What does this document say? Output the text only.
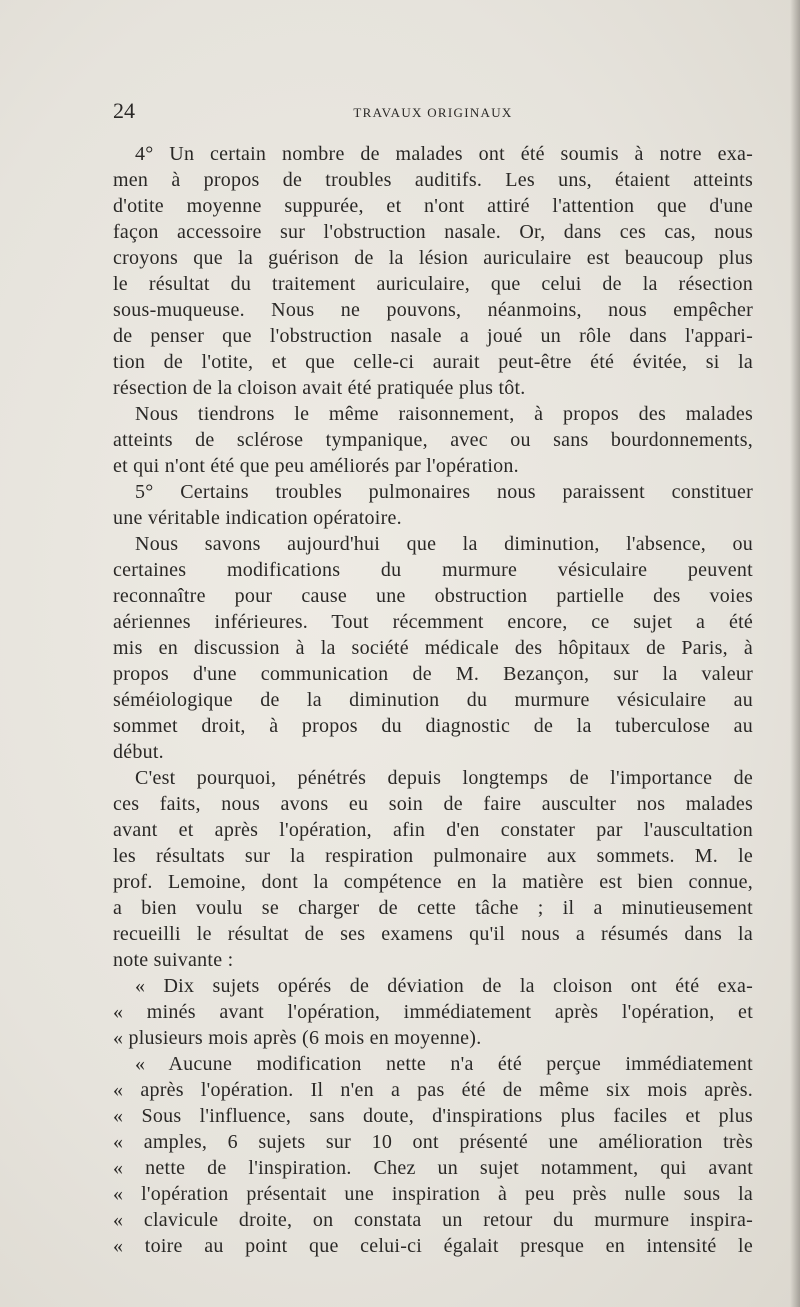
24	TRAVAUX ORIGINAUX
4° Un certain nombre de malades ont été soumis à notre exa-
men à propos de troubles auditifs. Les uns, étaient atteints
d'otite moyenne suppurée, et n'ont attiré l'attention que d'une
façon accessoire sur l'obstruction nasale. Or, dans ces cas, nous
croyons que la guérison de la lésion auriculaire est beaucoup plus
le résultat du traitement auriculaire, que celui de la résection
sous-muqueuse. Nous ne pouvons, néanmoins, nous empêcher
de penser que l'obstruction nasale a joué un rôle dans l'appari-
tion de l'otite, et que celle-ci aurait peut-être été évitée, si la
résection de la cloison avait été pratiquée plus tôt.
Nous tiendrons le même raisonnement, à propos des malades
atteints de sclérose tympanique, avec ou sans bourdonnements,
et qui n'ont été que peu améliorés par l'opération.
5° Certains troubles pulmonaires nous paraissent constituer
une véritable indication opératoire.
Nous savons aujourd'hui que la diminution, l'absence, ou
certaines modifications du murmure vésiculaire peuvent
reconnaître pour cause une obstruction partielle des voies
aériennes inférieures. Tout récemment encore, ce sujet a été
mis en discussion à la société médicale des hôpitaux de Paris, à
propos d'une communication de M. Bezançon, sur la valeur
séméiologique de la diminution du murmure vésiculaire au
sommet droit, à propos du diagnostic de la tuberculose au
début.
C'est pourquoi, pénétrés depuis longtemps de l'importance de
ces faits, nous avons eu soin de faire ausculter nos malades
avant et après l'opération, afin d'en constater par l'auscultation
les résultats sur la respiration pulmonaire aux sommets. M. le
prof. Lemoine, dont la compétence en la matière est bien connue,
a bien voulu se charger de cette tâche ; il a minutieusement
recueilli le résultat de ses examens qu'il nous a résumés dans la
note suivante :
« Dix sujets opérés de déviation de la cloison ont été exa-
« minés avant l'opération, immédiatement après l'opération, et
« plusieurs mois après (6 mois en moyenne).
« Aucune modification nette n'a été perçue immédiatement
« après l'opération. Il n'en a pas été de même six mois après.
« Sous l'influence, sans doute, d'inspirations plus faciles et plus
« amples, 6 sujets sur 10 ont présenté une amélioration très
« nette de l'inspiration. Chez un sujet notamment, qui avant
« l'opération présentait une inspiration à peu près nulle sous la
« clavicule droite, on constata un retour du murmure inspira-
« toire au point que celui-ci égalait presque en intensité le
